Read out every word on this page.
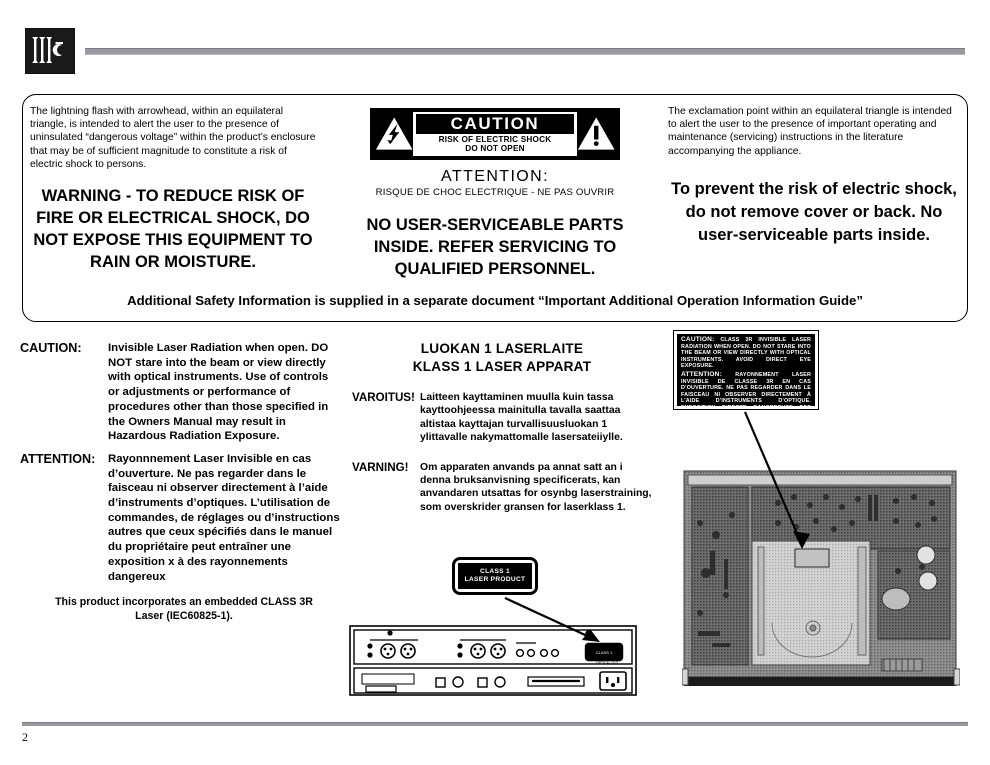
The lightning flash with arrowhead, within an equilateral triangle, is intended to alert the user to the presence of uninsulated “dangerous voltage” within the product’s enclosure that may be of sufficient magnitude to constitute a risk of electric shock to persons.
WARNING - TO REDUCE RISK OF FIRE OR ELECTRICAL SHOCK, DO NOT EXPOSE THIS EQUIPMENT TO RAIN OR MOISTURE.
CAUTION
RISK OF ELECTRIC SHOCK
DO NOT OPEN
ATTENTION:
RISQUE DE CHOC ELECTRIQUE - NE PAS OUVRIR
NO USER-SERVICEABLE PARTS INSIDE. REFER SERVICING TO QUALIFIED PERSONNEL.
The exclamation point within an equilateral triangle is intended to alert the user to the presence of important operating and maintenance (servicing) instructions in the literature accompanying the appliance.
To prevent the risk of electric shock, do not remove cover or back. No user-serviceable parts inside.
Additional Safety Information is supplied in a separate document “Important Additional Operation Information Guide”
CAUTION:	Invisible Laser Radiation when open. DO NOT stare into the beam or view directly with optical instruments. Use of controls or adjustments or performance of procedures other than those specified in the Owners Manual may result in Hazardous Radiation Exposure.
ATTENTION:	Rayonnnement Laser Invisible en cas d’ouverture. Ne pas regarder dans le faisceau ni observer directement à l’aide d’instruments d’optiques. L’utilisation de commandes, de réglages ou d’instructions autres que ceux spécifiés dans le manuel du propriétaire peut entraîner une exposition x à des rayonnements dangereux
This product incorporates an embedded CLASS 3R Laser (IEC60825-1).
LUOKAN 1 LASERLAITE
KLASS 1 LASER APPARAT
VAROITUS! Laitteen kayttaminen muulla kuin tassa kayttoohjeessa mainitulla tavalla saattaa altistaa kayttajan turvallisuusluokan 1 ylittavalle nakymattomalle lasersateiiylle.
VARNING!	Om apparaten anvands pa annat satt an i denna bruksanvisning specificerats, kan anvandaren utsattas for osynbg laserstraining, som overskrider gransen for laserklass 1.
CLASS 1
LASER PRODUCT

CAUTION: CLASS 3R INVISIBLE LASER RADIATION WHEN OPEN. DO NOT STARE INTO THE BEAM OR VIEW DIRECTLY WITH OPTICAL INSTRUMENTS. AVOID DIRECT EYE EXPOSURE.

ATTENTION: RAYONNEMENT LASER INVISIBLE DE CLASSE 3R EN CAS D’OUVERTURE. NE PAS REGARDER DANS LE FAISCEAU NI OBSERVER DIRECTEMENT À L’AIDE D’INSTRUMENTS D’OPTIQUE. EXPOSITION DIRECTE DANGEREUSE DES YEUX.

CLASS 1
OPTICAL OUT
2
